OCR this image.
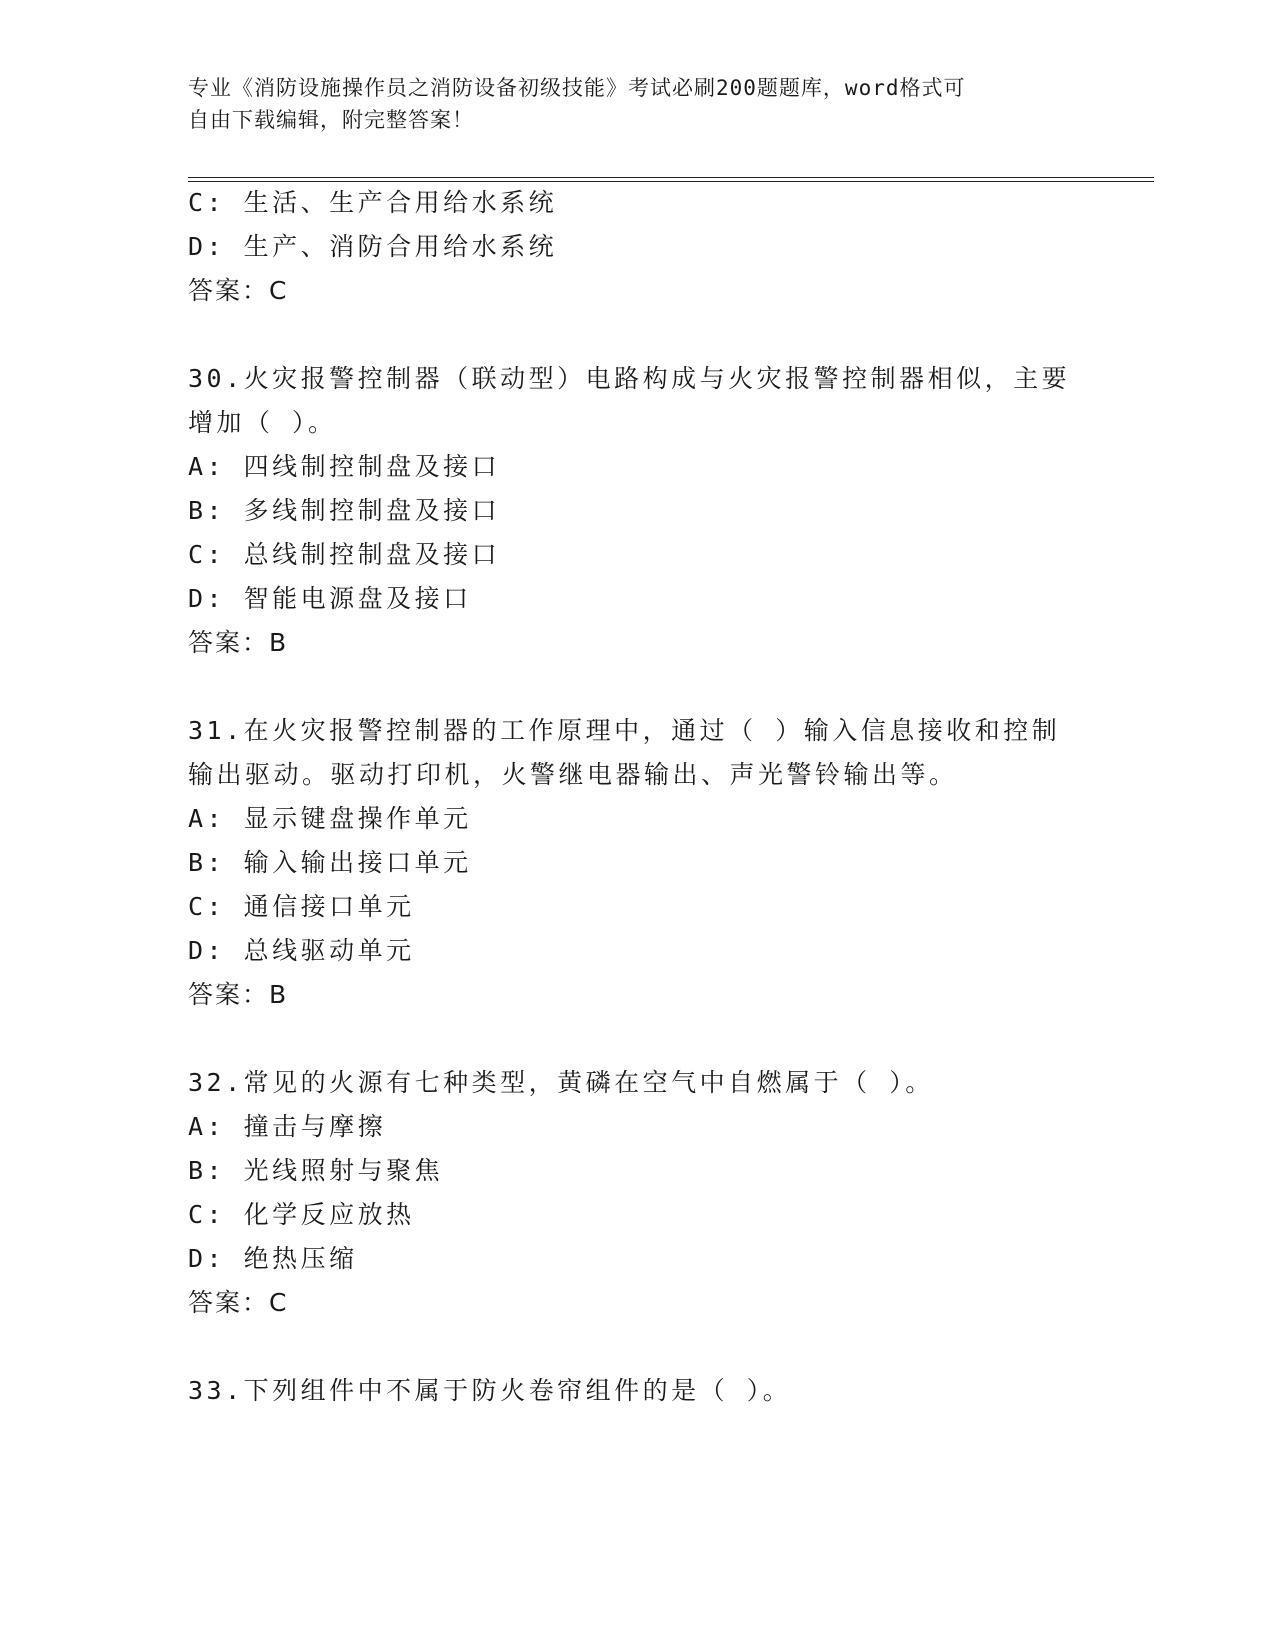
专业《消防设施操作员之消防设备初级技能》考试必刷200题题库，word格式可
自由下载编辑，附完整答案！
C: 生活、生产合用给水系统
D: 生产、消防合用给水系统
答案：C
30.火灾报警控制器（联动型）电路构成与火灾报警控制器相似，主要
增加（ ）。
A: 四线制控制盘及接口
B: 多线制控制盘及接口
C: 总线制控制盘及接口
D: 智能电源盘及接口
答案：B
31.在火灾报警控制器的工作原理中，通过（ ）输入信息接收和控制
输出驱动。驱动打印机，火警继电器输出、声光警铃输出等。
A: 显示键盘操作单元
B: 输入输出接口单元
C: 通信接口单元
D: 总线驱动单元
答案：B
32.常见的火源有七种类型，黄磷在空气中自燃属于（ ）。
A: 撞击与摩擦
B: 光线照射与聚焦
C: 化学反应放热
D: 绝热压缩
答案：C
33.下列组件中不属于防火卷帘组件的是（ ）。
